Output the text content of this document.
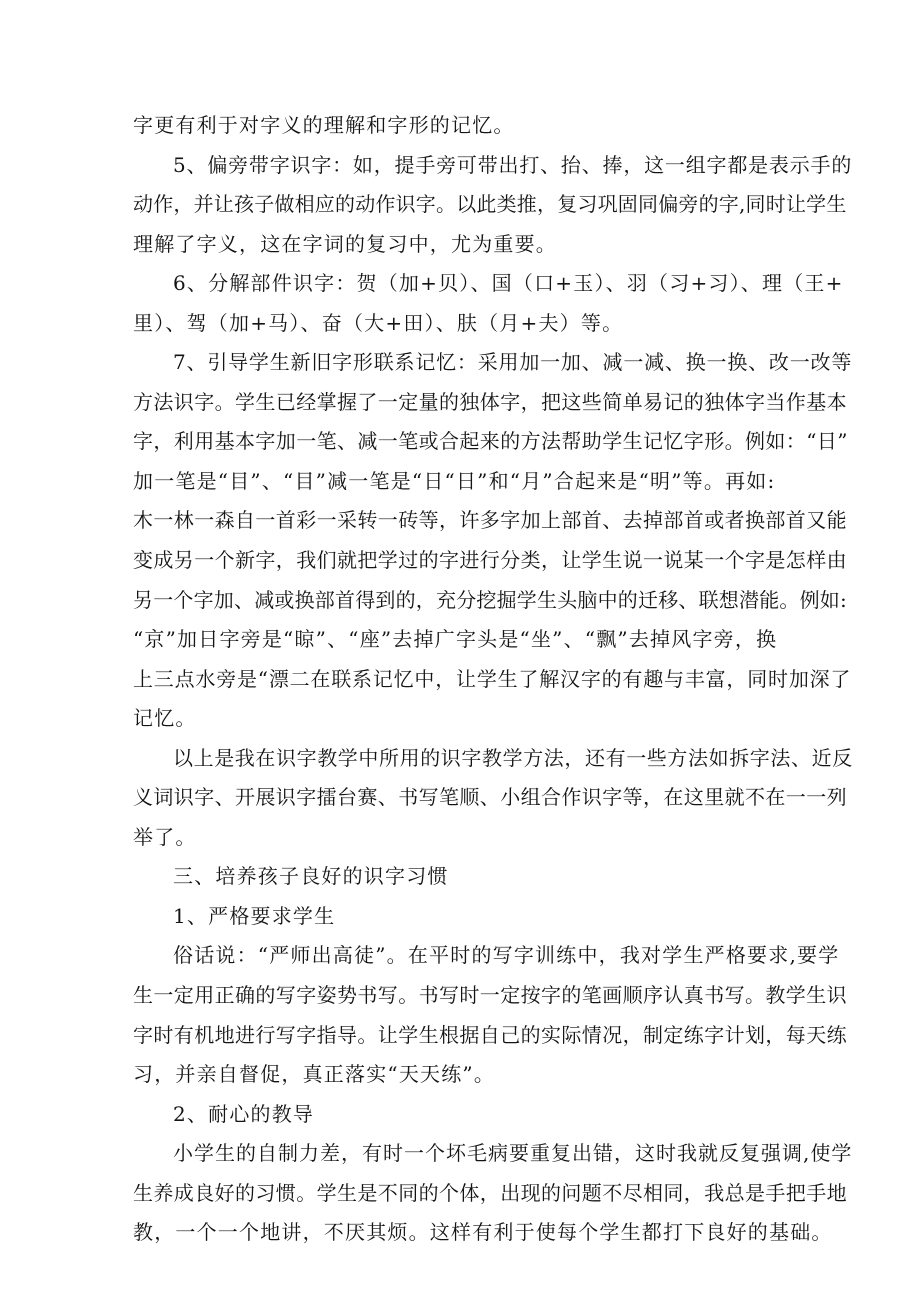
字更有利于对字义的理解和字形的记忆。
5、偏旁带字识字：如，提手旁可带出打、抬、捧，这一组字都是表示手的
动作，并让孩子做相应的动作识字。以此类推，复习巩固同偏旁的字,同时让学生
理解了字义，这在字词的复习中，尤为重要。
6、分解部件识字：贺（加+贝）、国（口+玉）、羽（习+习）、理（王+
里）、驾（加+马）、奋（大+田）、肤（月+夫）等。
7、引导学生新旧字形联系记忆：采用加一加、减一减、换一换、改一改等
方法识字。学生已经掌握了一定量的独体字，把这些简单易记的独体字当作基本
字，利用基本字加一笔、减一笔或合起来的方法帮助学生记忆字形。例如：“日”
加一笔是“目”、“目”减一笔是“日“日”和“月”合起来是“明”等。再如:
木一林一森自一首彩一采转一砖等，许多字加上部首、去掉部首或者换部首又能
变成另一个新字，我们就把学过的字进行分类，让学生说一说某一个字是怎样由
另一个字加、减或换部首得到的，充分挖掘学生头脑中的迁移、联想潜能。例如:
“京”加日字旁是“晾”、“座”去掉广字头是“坐”、“飘”去掉风字旁，换
上三点水旁是“漂二在联系记忆中，让学生了解汉字的有趣与丰富，同时加深了
记忆。
以上是我在识字教学中所用的识字教学方法，还有一些方法如拆字法、近反
义词识字、开展识字擂台赛、书写笔顺、小组合作识字等，在这里就不在一一列
举了。
三、培养孩子良好的识字习惯
1、严格要求学生
俗话说：“严师出高徒”。在平时的写字训练中，我对学生严格要求,要学
生一定用正确的写字姿势书写。书写时一定按字的笔画顺序认真书写。教学生识
字时有机地进行写字指导。让学生根据自己的实际情况，制定练字计划，每天练
习，并亲自督促，真正落实“天天练”。
2、耐心的教导
小学生的自制力差，有时一个坏毛病要重复出错，这时我就反复强调,使学
生养成良好的习惯。学生是不同的个体，出现的问题不尽相同，我总是手把手地
教，一个一个地讲，不厌其烦。这样有利于使每个学生都打下良好的基础。
